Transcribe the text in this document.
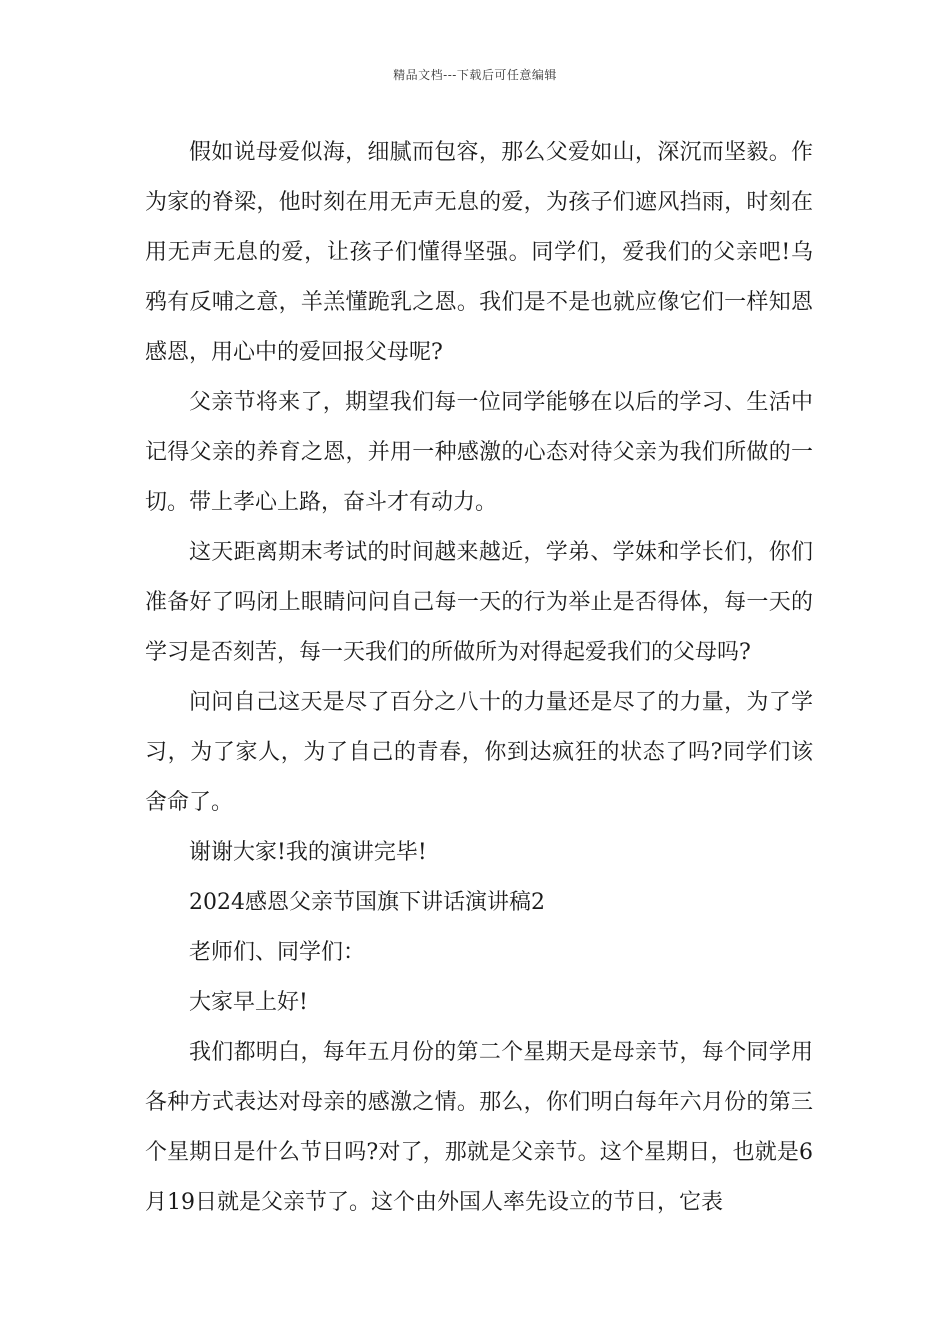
精品文档---下载后可任意编辑

假如说母爱似海，细腻而包容，那么父爱如山，深沉而坚毅。作为家的脊梁，他时刻在用无声无息的爱，为孩子们遮风挡雨，时刻在用无声无息的爱，让孩子们懂得坚强。同学们，爱我们的父亲吧!乌鸦有反哺之意，羊羔懂跪乳之恩。我们是不是也就应像它们一样知恩感恩，用心中的爱回报父母呢?

父亲节将来了，期望我们每一位同学能够在以后的学习、生活中记得父亲的养育之恩，并用一种感激的心态对待父亲为我们所做的一切。带上孝心上路，奋斗才有动力。

这天距离期末考试的时间越来越近，学弟、学妹和学长们，你们准备好了吗闭上眼睛问问自己每一天的行为举止是否得体，每一天的学习是否刻苦，每一天我们的所做所为对得起爱我们的父母吗?

问问自己这天是尽了百分之八十的力量还是尽了的力量，为了学习，为了家人，为了自己的青春，你到达疯狂的状态了吗?同学们该舍命了。

谢谢大家!我的演讲完毕!

2024感恩父亲节国旗下讲话演讲稿2

老师们、同学们：

大家早上好!

我们都明白，每年五月份的第二个星期天是母亲节，每个同学用各种方式表达对母亲的感激之情。那么，你们明白每年六月份的第三个星期日是什么节日吗?对了，那就是父亲节。这个星期日，也就是6月19日就是父亲节了。这个由外国人率先设立的节日，它表
